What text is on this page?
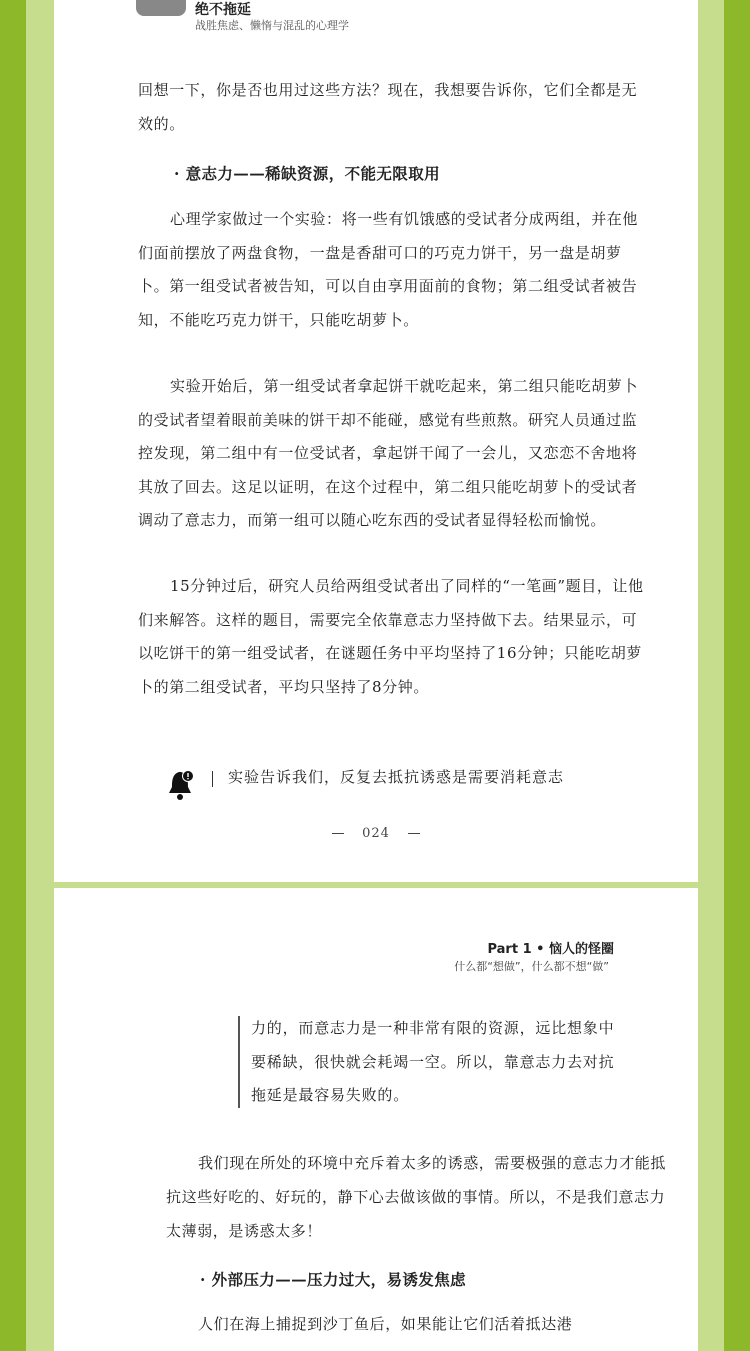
绝不拖延
战胜焦虑、懒惰与混乱的心理学
回想一下，你是否也用过这些方法？现在，我想要告诉你，它们全都是无效的。
· 意志力——稀缺资源，不能无限取用
心理学家做过一个实验：将一些有饥饿感的受试者分成两组，并在他们面前摆放了两盘食物，一盘是香甜可口的巧克力饼干，另一盘是胡萝卜。第一组受试者被告知，可以自由享用面前的食物；第二组受试者被告知，不能吃巧克力饼干，只能吃胡萝卜。
实验开始后，第一组受试者拿起饼干就吃起来，第二组只能吃胡萝卜的受试者望着眼前美味的饼干却不能碰，感觉有些煎熬。研究人员通过监控发现，第二组中有一位受试者，拿起饼干闻了一会儿，又恋恋不舍地将其放了回去。这足以证明，在这个过程中，第二组只能吃胡萝卜的受试者调动了意志力，而第一组可以随心吃东西的受试者显得轻松而愉悦。
15分钟过后，研究人员给两组受试者出了同样的“一笔画”题目，让他们来解答。这样的题目，需要完全依靠意志力坚持做下去。结果显示，可以吃饼干的第一组受试者，在谜题任务中平均坚持了16分钟；只能吃胡萝卜的第二组受试者，平均只坚持了8分钟。
实验告诉我们，反复去抵抗诱惑是需要消耗意志
024
Part 1 • 恼人的怪圈
什么都“想做”，什么都不想“做”
力的，而意志力是一种非常有限的资源，远比想象中要稀缺，很快就会耗竭一空。所以，靠意志力去对抗拖延是最容易失败的。
我们现在所处的环境中充斥着太多的诱惑，需要极强的意志力才能抵抗这些好吃的、好玩的，静下心去做该做的事情。所以，不是我们意志力太薄弱，是诱惑太多！
· 外部压力——压力过大，易诱发焦虑
人们在海上捕捉到沙丁鱼后，如果能让它们活着抵达港
